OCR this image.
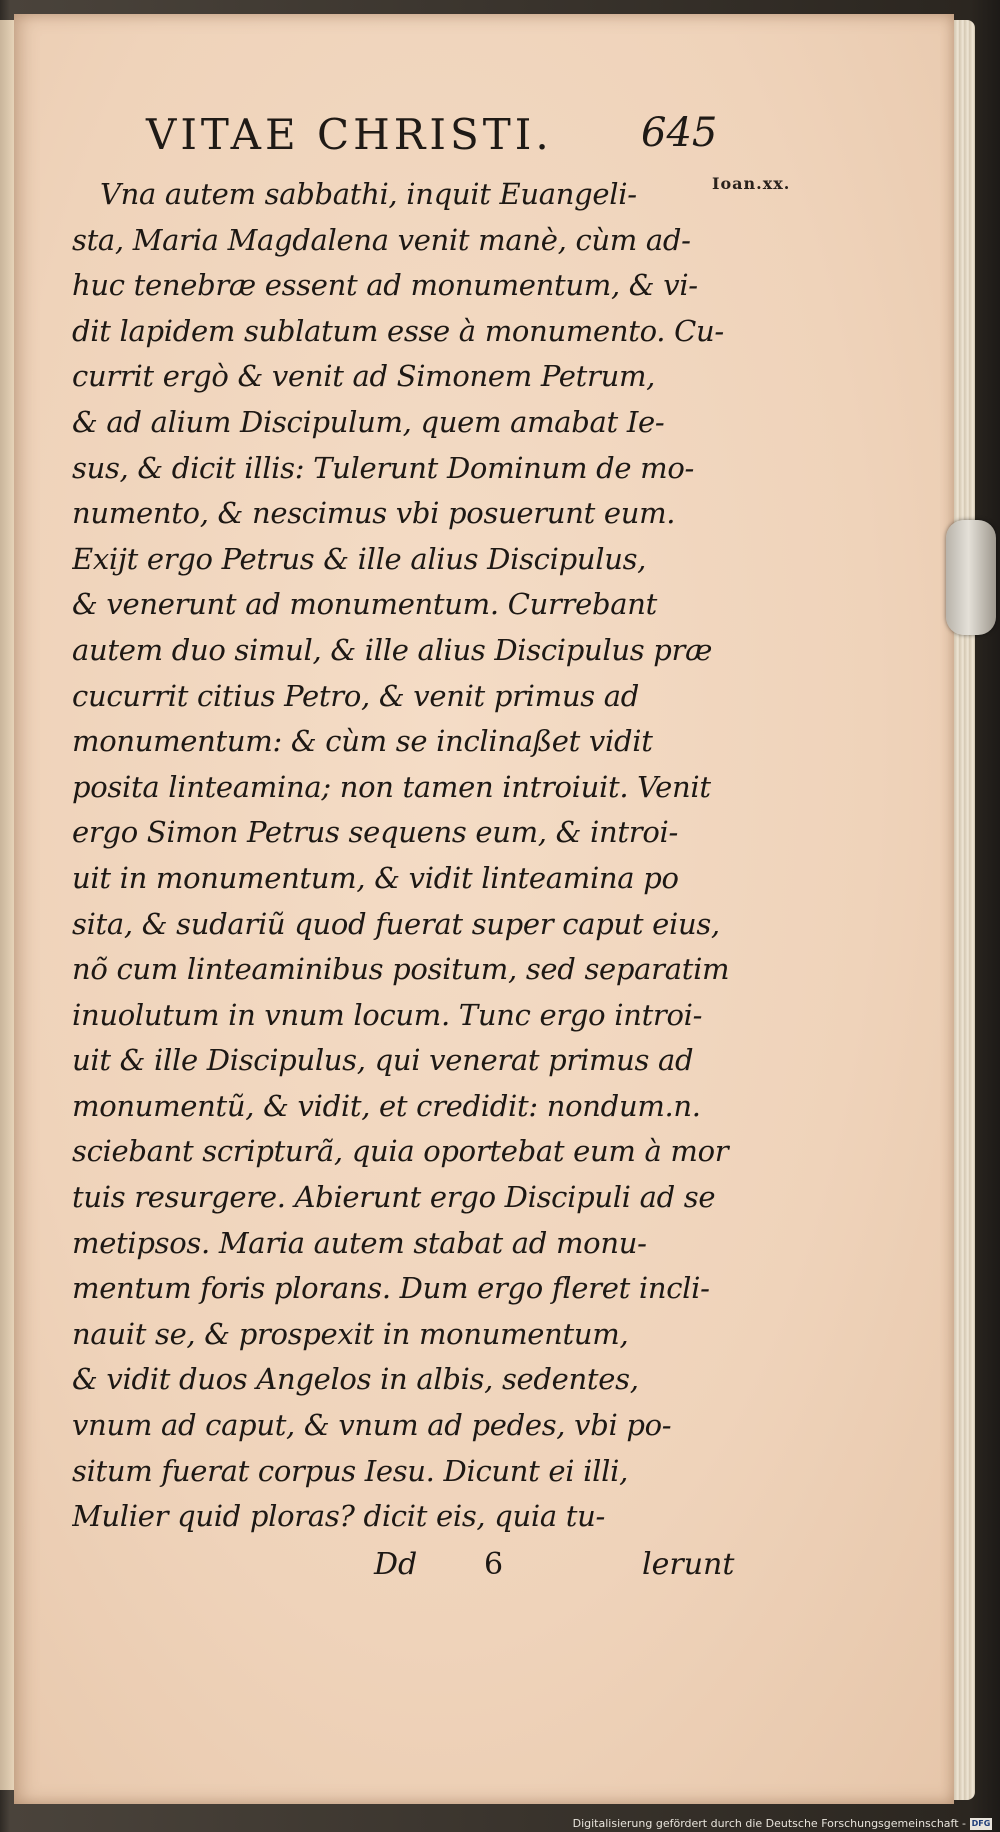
VITAE CHRISTI. 645
Ioan.xx.
Vna autem sabbathi, inquit Euangeli-
sta, Maria Magdalena venit manè, cùm ad-
huc tenebræ essent ad monumentum, & vi-
dit lapidem sublatum esse à monumento. Cu-
currit ergò & venit ad Simonem Petrum,
& ad alium Discipulum, quem amabat Ie-
sus, & dicit illis: Tulerunt Dominum de mo-
numento, & nescimus vbi posuerunt eum.
Exijt ergo Petrus & ille alius Discipulus,
& venerunt ad monumentum. Currebant
autem duo simul, & ille alius Discipulus præ
cucurrit citius Petro, & venit primus ad
monumentum: & cùm se inclinaßet vidit
posita linteamina; non tamen introiuit. Venit
ergo Simon Petrus sequens eum, & introi-
uit in monumentum, & vidit linteamina po
sita, & sudariũ quod fuerat super caput eius,
nõ cum linteaminibus positum, sed separatim
inuolutum in vnum locum. Tunc ergo introi-
uit & ille Discipulus, qui venerat primus ad
monumentũ, & vidit, et credidit: nondum.n.
sciebant scripturã, quia oportebat eum à mor
tuis resurgere. Abierunt ergo Discipuli ad se
metipsos. Maria autem stabat ad monu-
mentum foris plorans. Dum ergo fleret incli-
nauit se, & prospexit in monumentum,
& vidit duos Angelos in albis, sedentes,
vnum ad caput, & vnum ad pedes, vbi po-
situm fuerat corpus Iesu. Dicunt ei illi,
Mulier quid ploras? dicit eis, quia tu-
Dd 6	lerunt
Digitalisierung gefördert durch die Deutsche Forschungsgemeinschaft - DFG
